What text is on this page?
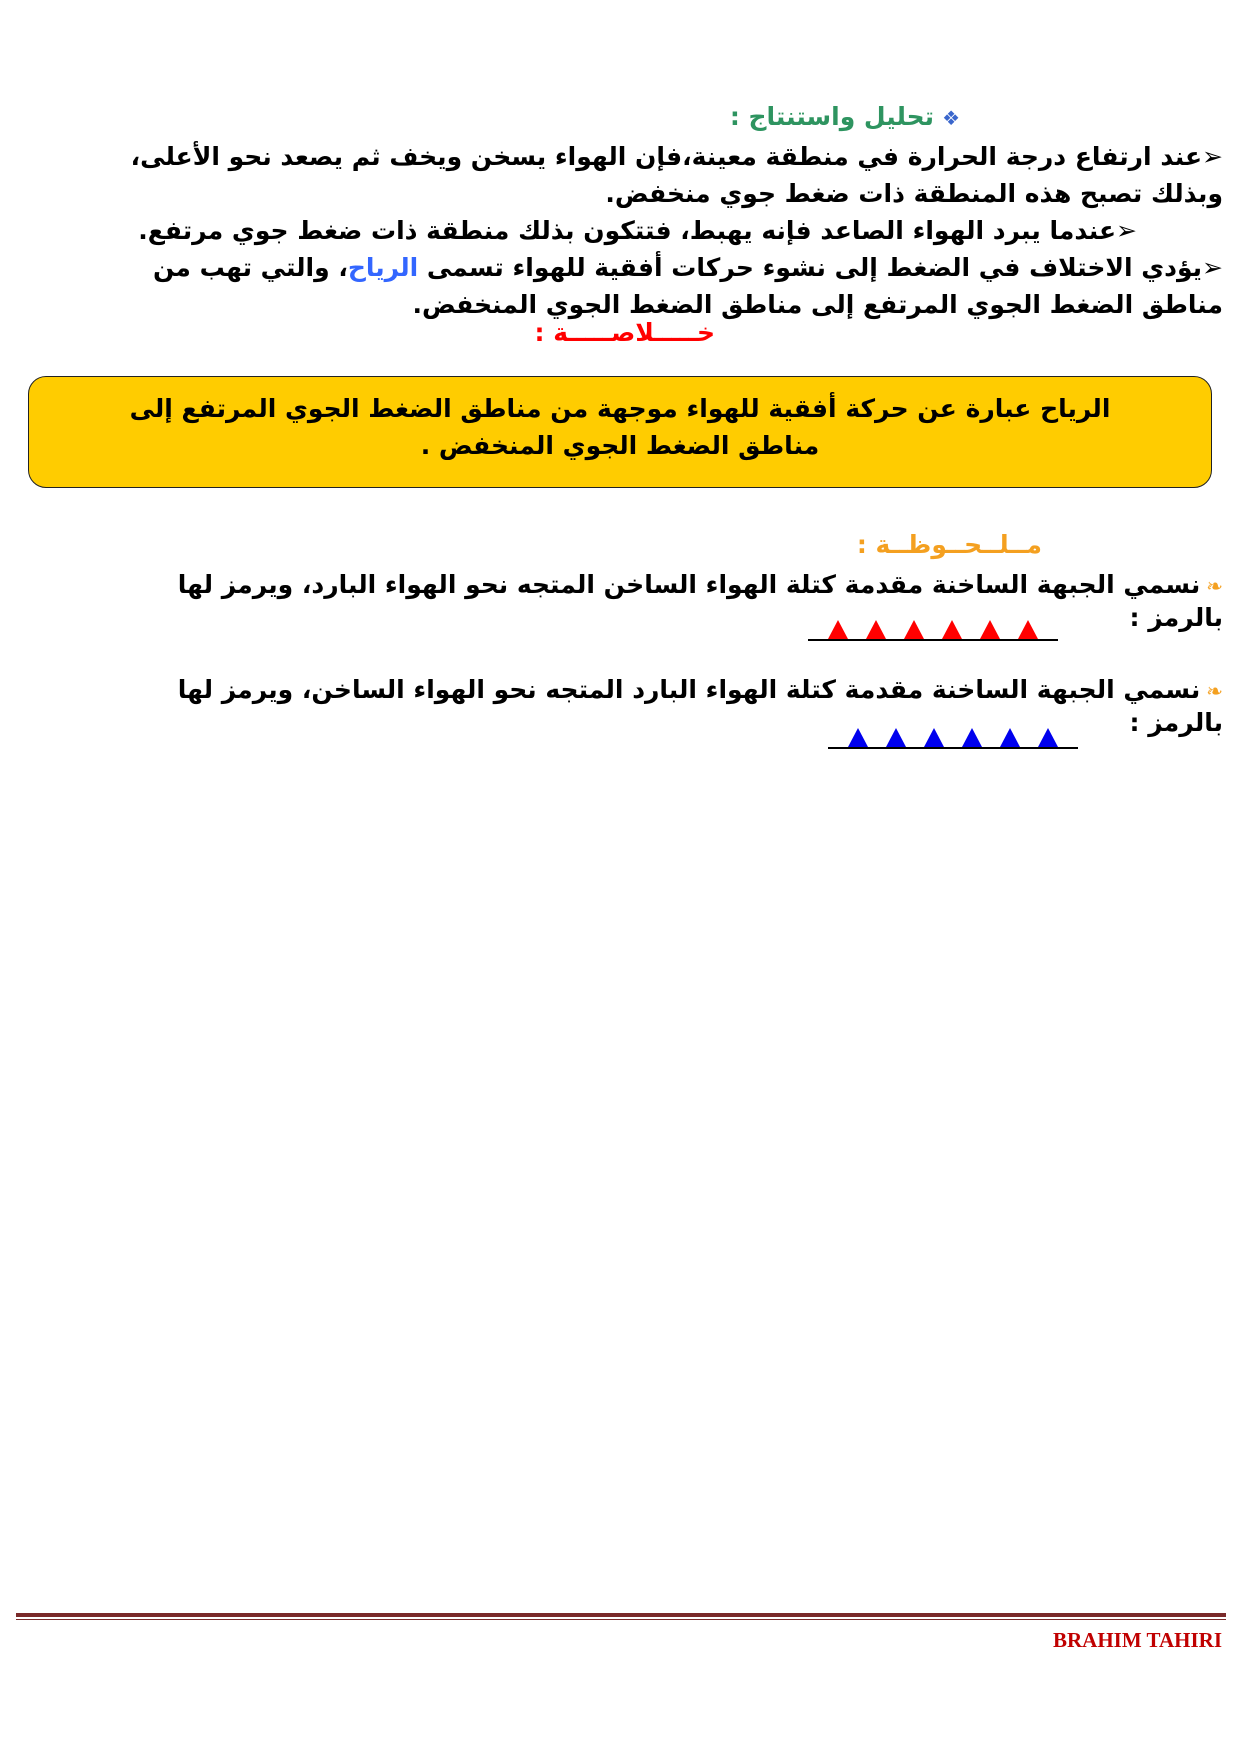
❖تحليل واستنتاج :
➢عند ارتفاع درجة الحرارة في منطقة معينة،فإن الهواء يسخن ويخف ثم يصعد نحو الأعلى،
وبذلك تصبح هذه المنطقة ذات ضغط جوي منخفض.
➢عندما يبرد الهواء الصاعد فإنه يهبط، فتتكون بذلك منطقة ذات ضغط جوي مرتفع.
➢يؤدي الاختلاف في الضغط إلى نشوء حركات أفقية للهواء تسمى الرياح، والتي تهب من
مناطق الضغط الجوي المرتفع إلى مناطق الضغط الجوي المنخفض.
خـــــلاصـــــة :
الرياح عبارة عن حركة أفقية للهواء موجهة من مناطق الضغط الجوي المرتفع إلى
مناطق الضغط الجوي المنخفض .
مــلــحــوظــة :
❧نسمي الجبهة الساخنة مقدمة كتلة الهواء الساخن المتجه نحو الهواء البارد، ويرمز لها
بالرمز :
❧نسمي الجبهة الساخنة مقدمة كتلة الهواء البارد المتجه نحو الهواء الساخن، ويرمز لها
بالرمز :
BRAHIM TAHIRI
